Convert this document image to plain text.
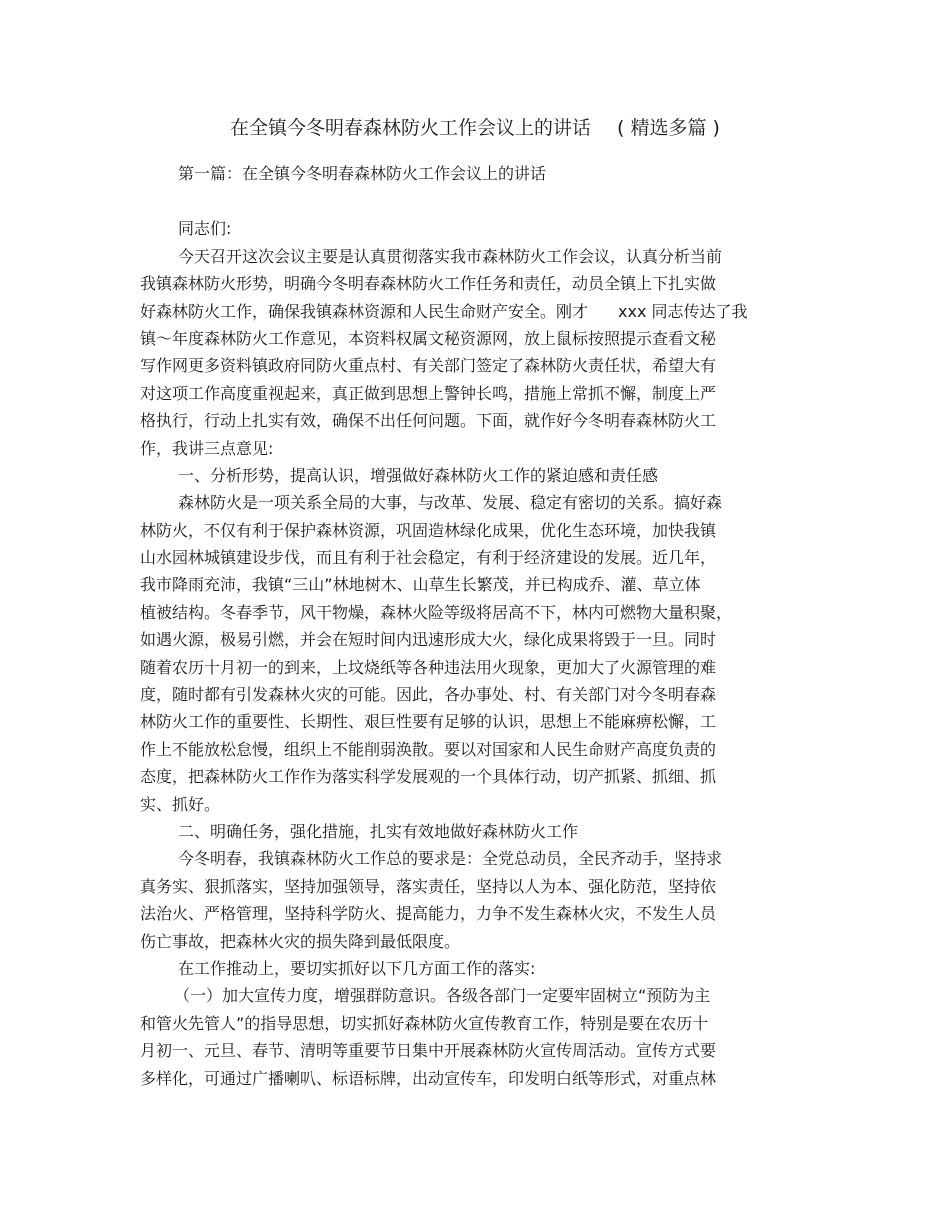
在全镇今冬明春森林防火工作会议上的讲话 ( 精选多篇 )
第一篇：在全镇今冬明春森林防火工作会议上的讲话
同志们:
今天召开这次会议主要是认真贯彻落实我市森林防火工作会议，认真分析当前
我镇森林防火形势，明确今冬明春森林防火工作任务和责任，动员全镇上下扎实做
好森林防火工作，确保我镇森林资源和人民生命财产安全。刚才 xxx 同志传达了我
镇～年度森林防火工作意见，本资料权属文秘资源网，放上鼠标按照提示查看文秘
写作网更多资料镇政府同防火重点村、有关部门签定了森林防火责任状，希望大有
对这项工作高度重视起来，真正做到思想上警钟长鸣，措施上常抓不懈，制度上严
格执行，行动上扎实有效，确保不出任何问题。下面，就作好今冬明春森林防火工
作，我讲三点意见:
一、分析形势，提高认识，增强做好森林防火工作的紧迫感和责任感
森林防火是一项关系全局的大事，与改革、发展、稳定有密切的关系。搞好森
林防火，不仅有利于保护森林资源，巩固造林绿化成果，优化生态环境，加快我镇
山水园林城镇建设步伐，而且有利于社会稳定，有利于经济建设的发展。近几年，
我市降雨充沛，我镇“三山”林地树木、山草生长繁茂，并已构成乔、灌、草立体
植被结构。冬春季节，风干物燥，森林火险等级将居高不下，林内可燃物大量积聚，
如遇火源，极易引燃，并会在短时间内迅速形成大火，绿化成果将毁于一旦。同时
随着农历十月初一的到来，上坟烧纸等各种违法用火现象，更加大了火源管理的难
度，随时都有引发森林火灾的可能。因此，各办事处、村、有关部门对今冬明春森
林防火工作的重要性、长期性、艰巨性要有足够的认识，思想上不能麻痹松懈，工
作上不能放松怠慢，组织上不能削弱涣散。要以对国家和人民生命财产高度负责的
态度，把森林防火工作作为落实科学发展观的一个具体行动，切产抓紧、抓细、抓
实、抓好。
二、明确任务，强化措施，扎实有效地做好森林防火工作
今冬明春，我镇森林防火工作总的要求是：全党总动员，全民齐动手，坚持求
真务实、狠抓落实，坚持加强领导，落实责任，坚持以人为本、强化防范，坚持依
法治火、严格管理，坚持科学防火、提高能力，力争不发生森林火灾，不发生人员
伤亡事故，把森林火灾的损失降到最低限度。
在工作推动上，要切实抓好以下几方面工作的落实:
（一）加大宣传力度，增强群防意识。各级各部门一定要牢固树立“预防为主
和管火先管人”的指导思想，切实抓好森林防火宣传教育工作，特别是要在农历十
月初一、元旦、春节、清明等重要节日集中开展森林防火宣传周活动。宣传方式要
多样化，可通过广播喇叭、标语标牌，出动宣传车，印发明白纸等形式，对重点林
